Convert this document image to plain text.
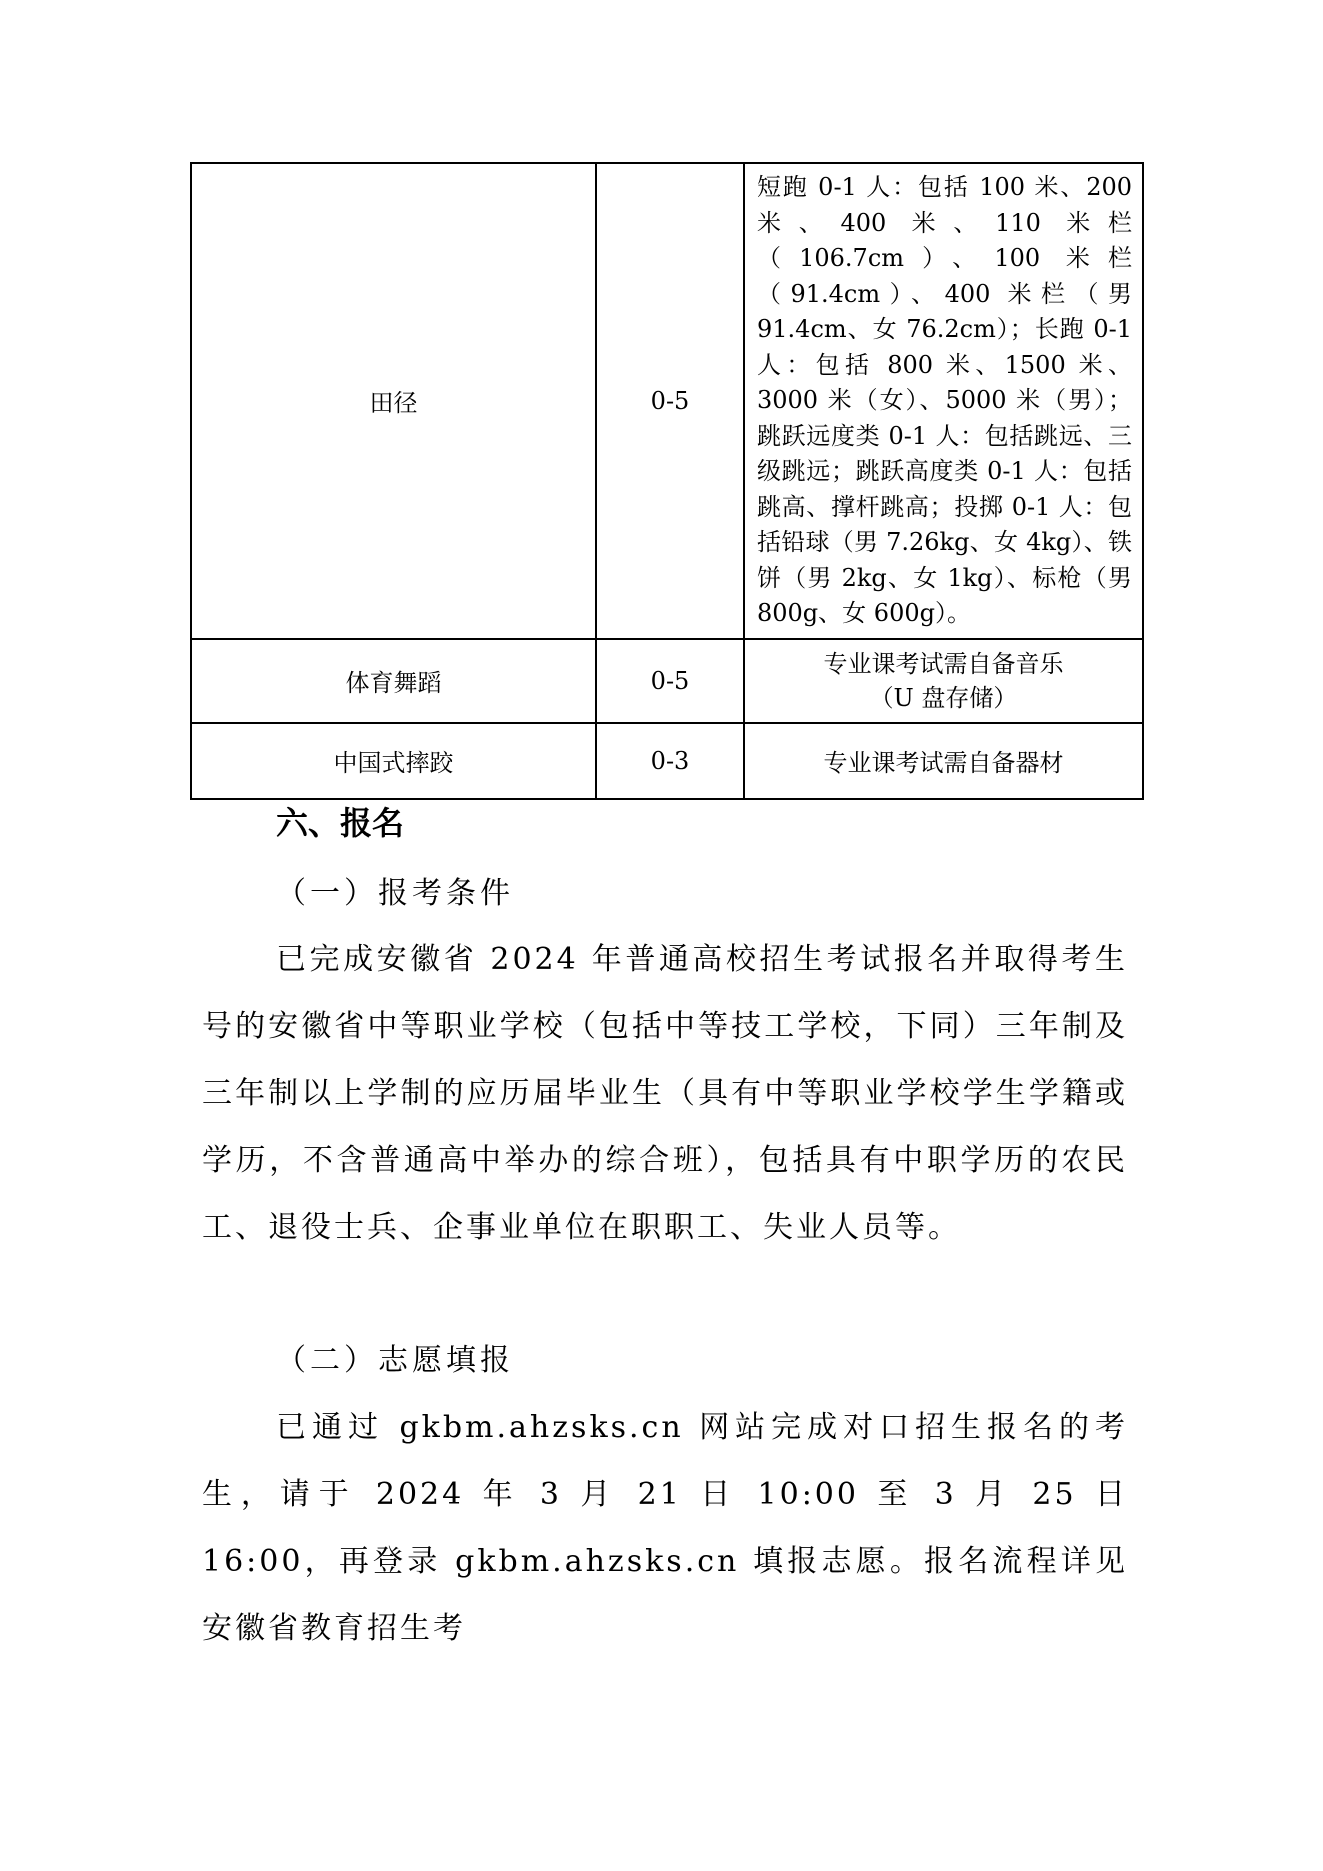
田径	0-5	短跑 0-1 人：包括 100 米、200 米、400 米、110 米栏（106.7cm）、100 米栏（91.4cm）、400 米栏（男 91.4cm、女 76.2cm）；长跑 0-1 人：包括 800 米、1500 米、3000 米（女）、5000 米（男）；跳跃远度类 0-1 人：包括跳远、三级跳远；跳跃高度类 0-1 人：包括跳高、撑杆跳高；投掷 0-1 人：包括铅球（男 7.26kg、女 4kg）、铁饼（男 2kg、女 1kg）、标枪（男 800g、女 600g）。
体育舞蹈	0-5	专业课考试需自备音乐
（U 盘存储）

中国式摔跤	0-3	专业课考试需自备器材
六、报名
（一）报考条件

已完成安徽省 2024 年普通高校招生考试报名并取得考生号的安徽省中等职业学校（包括中等技工学校，下同）三年制及三年制以上学制的应历届毕业生（具有中等职业学校学生学籍或学历，不含普通高中举办的综合班），包括具有中职学历的农民工、退役士兵、企事业单位在职职工、失业人员等。

（二）志愿填报

已通过 gkbm.ahzsks.cn 网站完成对口招生报名的考生，请于 2024 年 3 月 21 日 10:00 至 3 月 25 日 16:00，再登录 gkbm.ahzsks.cn 填报志愿。报名流程详见安徽省教育招生考
